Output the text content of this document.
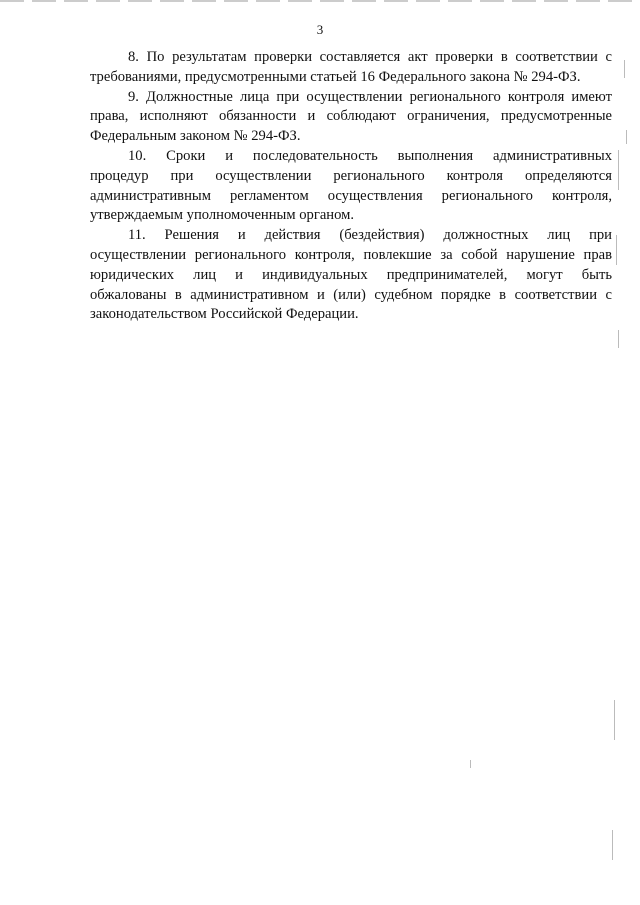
3
8. По результатам проверки составляется акт проверки в соответствии с
требованиями, предусмотренными статьей 16 Федерального закона № 294-ФЗ.
9. Должностные лица при осуществлении регионального контроля имеют
права, исполняют обязанности и соблюдают ограничения, предусмотренные
Федеральным законом № 294-ФЗ.
10. Сроки и последовательность выполнения административных
процедур при осуществлении регионального контроля определяются
административным регламентом осуществления регионального контроля,
утверждаемым уполномоченным органом.
11. Решения и действия (бездействия) должностных лиц при
осуществлении регионального контроля, повлекшие за собой нарушение прав
юридических лиц и индивидуальных предпринимателей, могут быть
обжалованы в административном и (или) судебном порядке в соответствии с
законодательством Российской Федерации.
